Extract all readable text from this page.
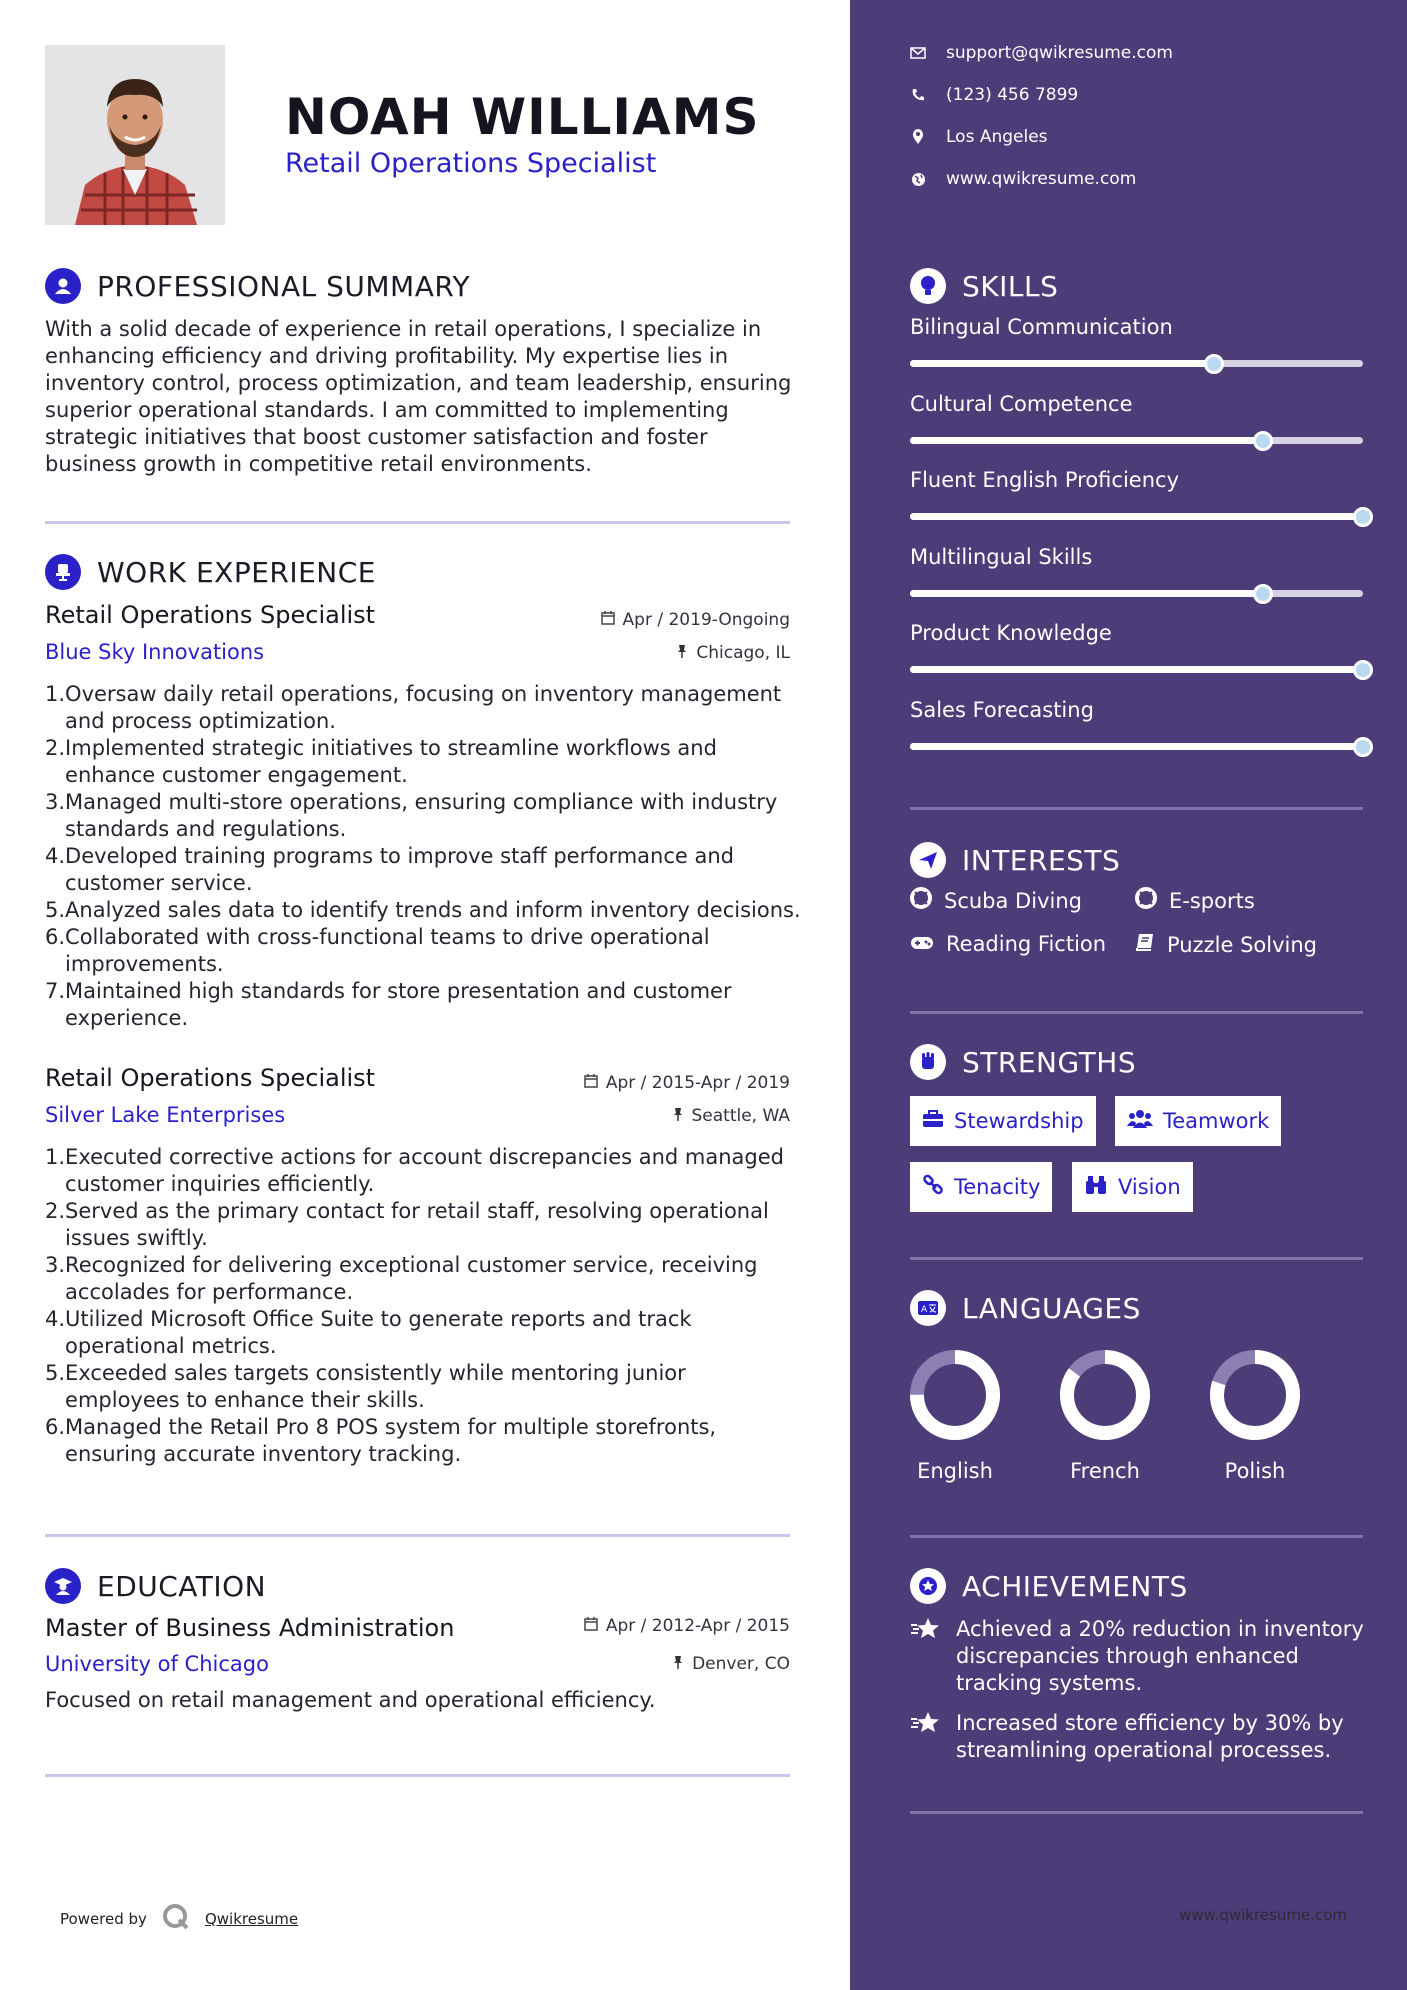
NOAH WILLIAMS
Retail Operations Specialist
PROFESSIONAL SUMMARY
With a solid decade of experience in retail operations, I specialize in
enhancing efficiency and driving profitability. My expertise lies in
inventory control, process optimization, and team leadership, ensuring
superior operational standards. I am committed to implementing
strategic initiatives that boost customer satisfaction and foster
business growth in competitive retail environments.
WORK EXPERIENCE
Retail Operations Specialist
Blue Sky Innovations
Apr / 2019-Ongoing
Chicago, IL
1. Oversaw daily retail operations, focusing on inventory management
and process optimization.
2. Implemented strategic initiatives to streamline workflows and
enhance customer engagement.
3. Managed multi-store operations, ensuring compliance with industry
standards and regulations.
4. Developed training programs to improve staff performance and
customer service.
5. Analyzed sales data to identify trends and inform inventory decisions.
6. Collaborated with cross-functional teams to drive operational
improvements.
7. Maintained high standards for store presentation and customer
experience.
Retail Operations Specialist
Silver Lake Enterprises
Apr / 2015-Apr / 2019
Seattle, WA
1. Executed corrective actions for account discrepancies and managed
customer inquiries efficiently.
2. Served as the primary contact for retail staff, resolving operational
issues swiftly.
3. Recognized for delivering exceptional customer service, receiving
accolades for performance.
4. Utilized Microsoft Office Suite to generate reports and track
operational metrics.
5. Exceeded sales targets consistently while mentoring junior
employees to enhance their skills.
6. Managed the Retail Pro 8 POS system for multiple storefronts,
ensuring accurate inventory tracking.
EDUCATION
Master of Business Administration
University of Chicago
Apr / 2012-Apr / 2015
Denver, CO
Focused on retail management and operational efficiency.
Powered by	Qwikresume
support@qwikresume.com
(123) 456 7899
Los Angeles
www.qwikresume.com
SKILLS
Bilingual Communication
Cultural Competence
Fluent English Proficiency
Multilingual Skills
Product Knowledge
Sales Forecasting
INTERESTS
Scuba Diving	E-sports
Reading Fiction	Puzzle Solving
STRENGTHS
Stewardship	Teamwork
Tenacity	Vision
A LANGUAGES
English	French	Polish
ACHIEVEMENTS
Achieved a 20% reduction in inventory
discrepancies through enhanced
tracking systems.
Increased store efficiency by 30% by
streamlining operational processes.
www.qwikresume.com
